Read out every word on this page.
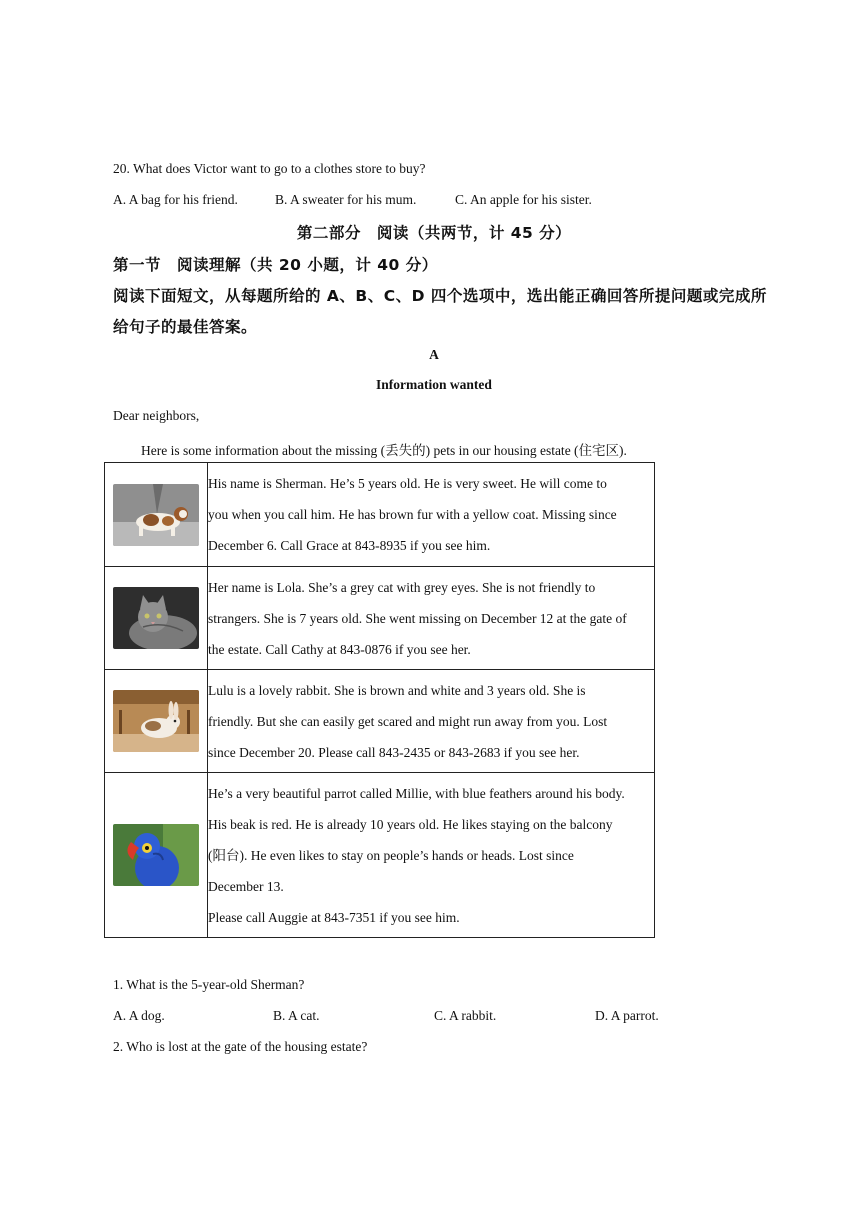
20. What does Victor want to go to a clothes store to buy?
A. A bag for his friend.	B. A sweater for his mum.	C. An apple for his sister.
第二部分　阅读（共两节，计 45 分）
第一节　阅读理解（共 20 小题，计 40 分）
阅读下面短文，从每题所给的 A、B、C、D 四个选项中，选出能正确回答所提问题或完成所
给句子的最佳答案。
A
Information wanted
Dear neighbors,
Here is some information about the missing (丢失的) pets in our housing estate (住宅区).

His name is Sherman. He’s 5 years old. He is very sweet. He will come to
you when you call him. He has brown fur with a yellow coat. Missing since
December 6. Call Grace at 843-8935 if you see him.

Her name is Lola. She’s a grey cat with grey eyes. She is not friendly to
strangers. She is 7 years old. She went missing on December 12 at the gate of
the estate. Call Cathy at 843-0876 if you see her.

Lulu is a lovely rabbit. She is brown and white and 3 years old. She is
friendly. But she can easily get scared and might run away from you. Lost
since December 20. Please call 843-2435 or 843-2683 if you see her.

He’s a very beautiful parrot called Millie, with blue feathers around his body.
His beak is red. He is already 10 years old. He likes staying on the balcony
(阳台). He even likes to stay on people’s hands or heads. Lost since
December 13.
Please call Auggie at 843-7351 if you see him.
1. What is the 5-year-old Sherman?
A. A dog.	B. A cat.	C. A rabbit.	D. A parrot.
2. Who is lost at the gate of the housing estate?
